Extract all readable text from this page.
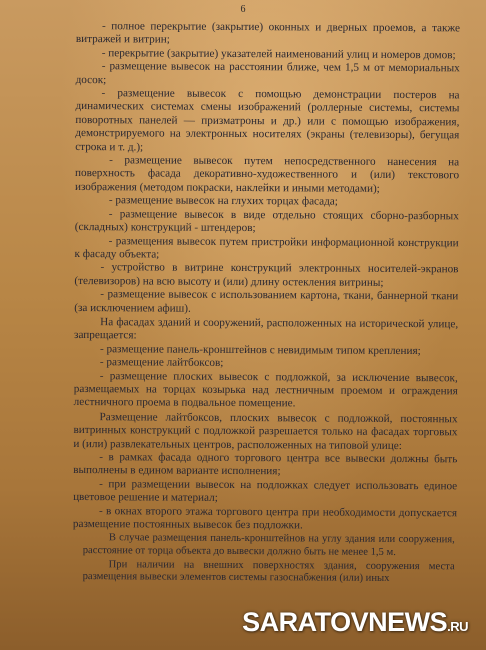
6

- полное перекрытие (закрытие) оконных и дверных проемов, а также витражей и витрин;

- перекрытие (закрытие) указателей наименований улиц и номеров домов;

- размещение вывесок на расстоянии ближе, чем 1,5 м от мемориальных досок;

- размещение вывесок с помощью демонстрации постеров на динамических системах смены изображений (роллерные системы, системы поворотных панелей — призматроны и др.) или с помощью изображения, демонстрируемого на электронных носителях (экраны (телевизоры), бегущая строка и т. д.);

- размещение вывесок путем непосредственного нанесения на поверхность фасада декоративно-художественного и (или) текстового изображения (методом покраски, наклейки и иными методами);

- размещение вывесок на глухих торцах фасада;

- размещение вывесок в виде отдельно стоящих сборно-разборных (складных) конструкций - штендеров;

- размещения вывесок путем пристройки информационной конструкции к фасаду объекта;

- устройство в витрине конструкций электронных носителей-экранов (телевизоров) на всю высоту и (или) длину остекления витрины;

- размещение вывесок с использованием картона, ткани, баннерной ткани (за исключением афиш).

На фасадах зданий и сооружений, расположенных на исторической улице, запрещается:

- размещение панель-кронштейнов с невидимым типом крепления;

- размещение лайтбоксов;

- размещение плоских вывесок с подложкой, за исключение вывесок, размещаемых на торцах козырька над лестничным проемом и ограждения лестничного проема в подвальное помещение.

Размещение лайтбоксов, плоских вывесок с подложкой, постоянных витринных конструкций с подложкой разрешается только на фасадах торговых и (или) развлекательных центров, расположенных на типовой улице:

- в рамках фасада одного торгового центра все вывески должны быть выполнены в едином варианте исполнения;

- при размещении вывесок на подложках следует использовать единое цветовое решение и материал;

- в окнах второго этажа торгового центра при необходимости допускается размещение постоянных вывесок без подложки.

В случае размещения панель-кронштейнов на углу здания или сооружения, расстояние от торца объекта до вывески должно быть не менее 1,5 м.

При наличии на внешних поверхностях здания, сооружения места размещения вывески элементов системы газоснабжения (или) иных

SARATOVNEWS.RU
